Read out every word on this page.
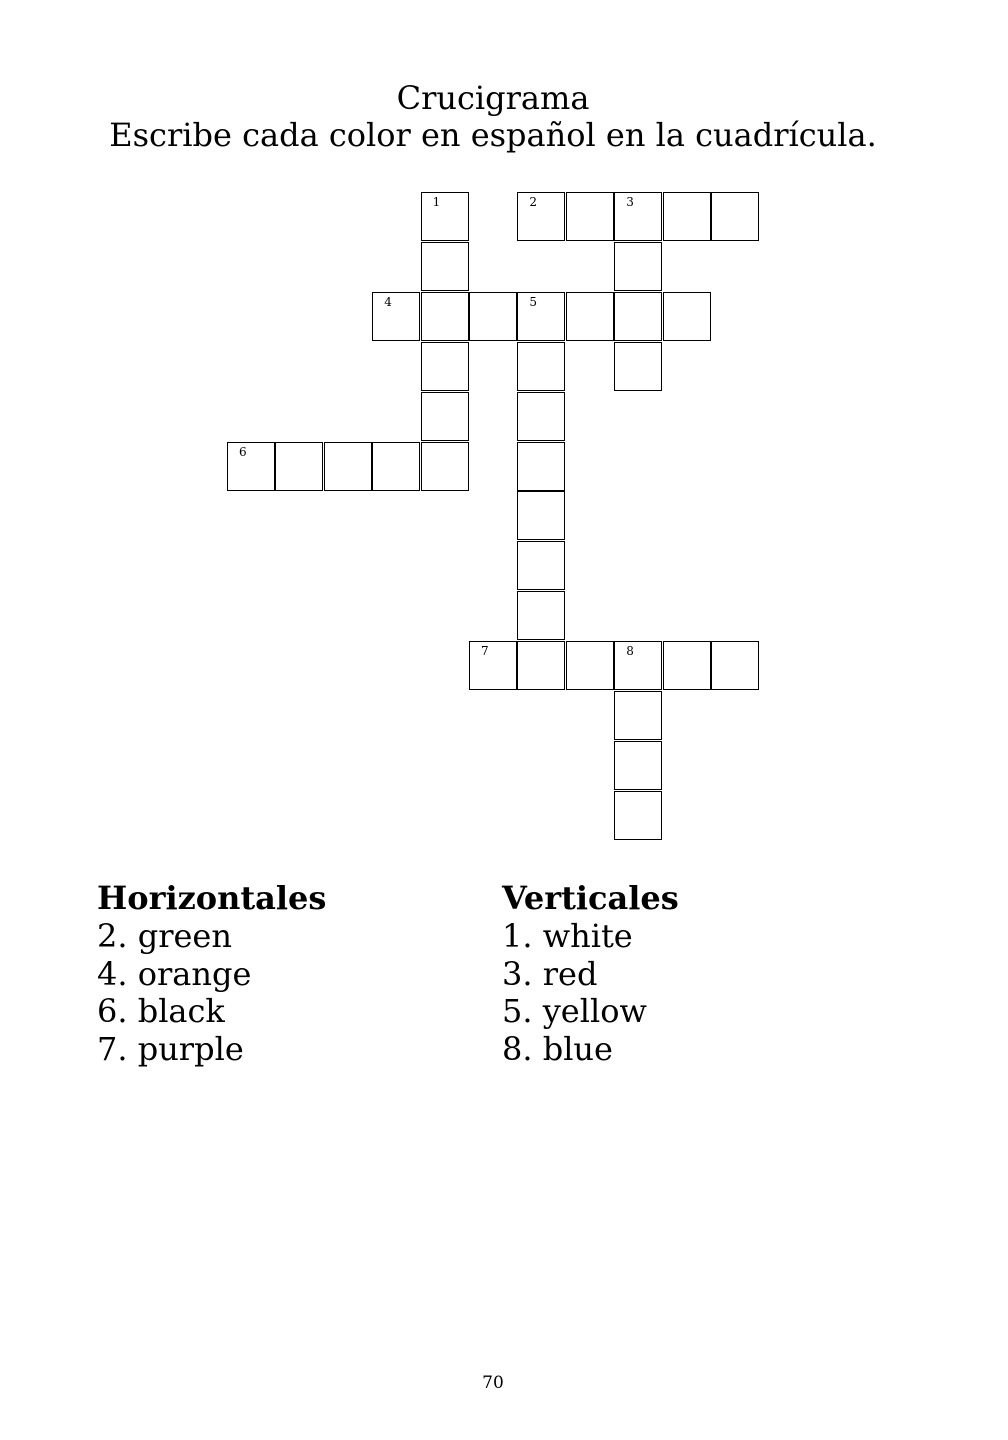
Crucigrama
Escribe cada color en español en la cuadrícula.
1	2	3
4	5
6
7	8
Horizontales
2. green
4. orange
6. black
7. purple
Verticales
1. white
3. red
5. yellow
8. blue
70
